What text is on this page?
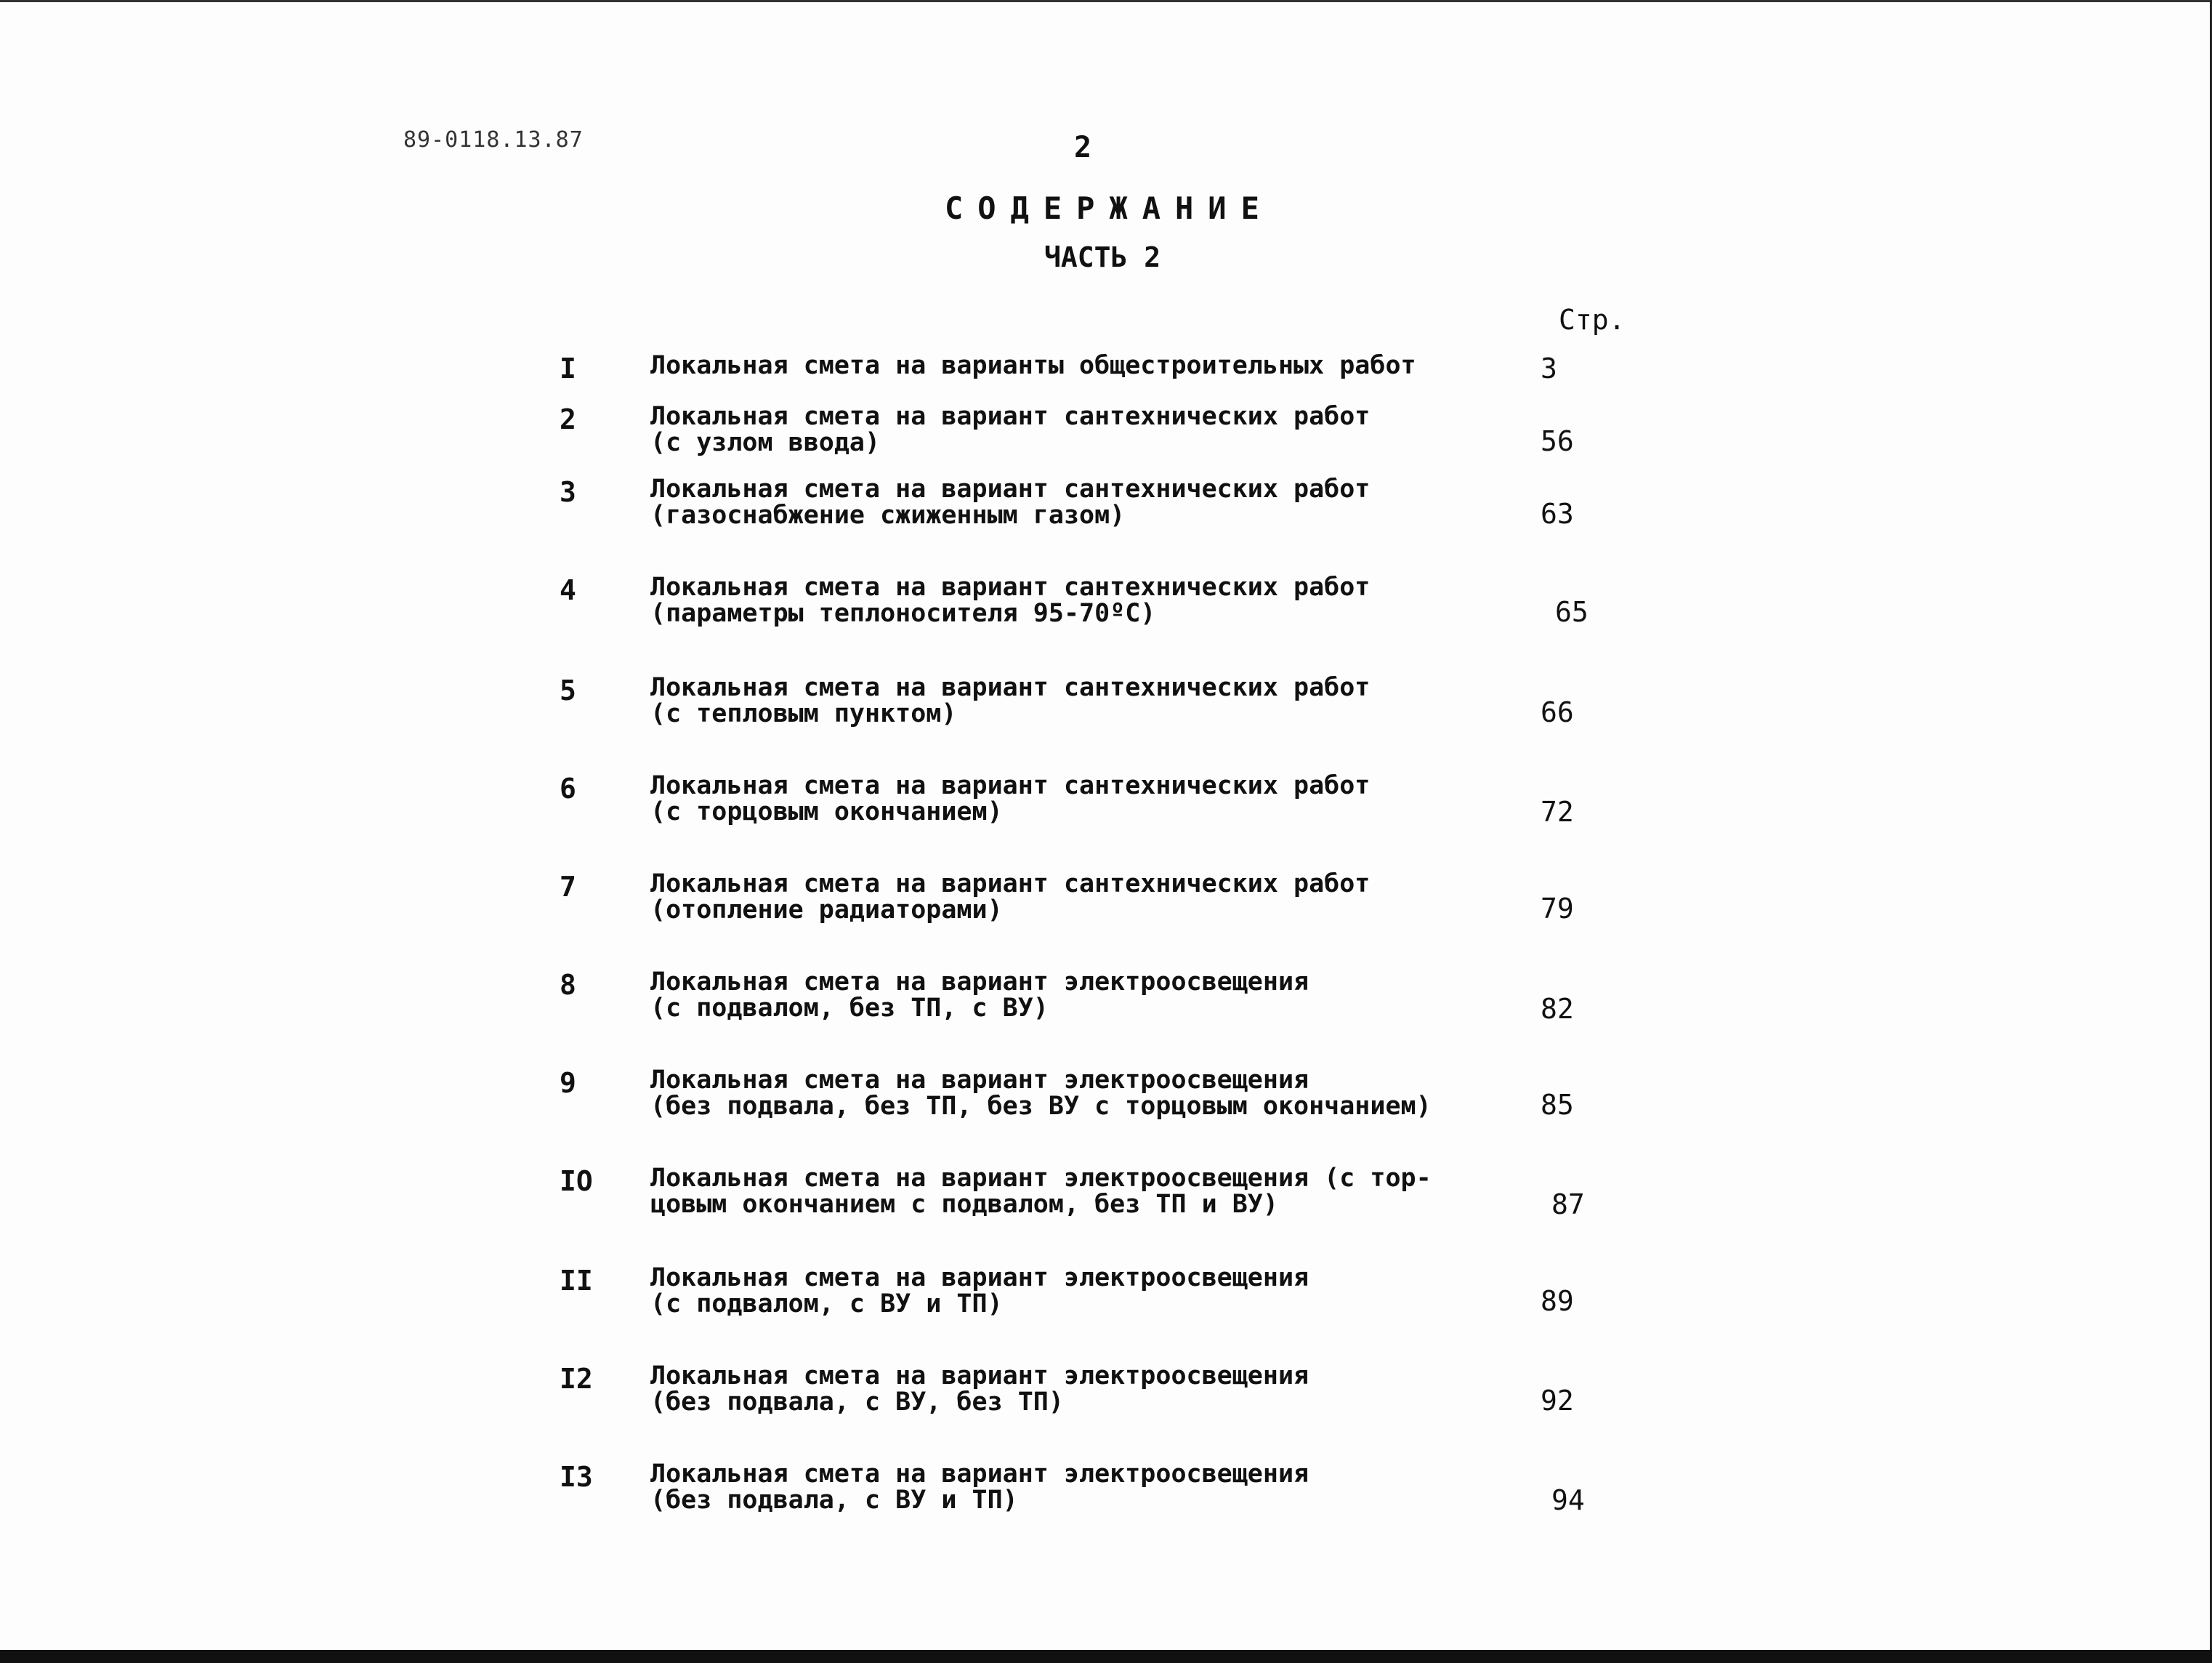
89-0118.13.87	2
СОДЕРЖАНИЕ
ЧАСТЬ 2
Стр.
I	Локальная смета на варианты общестроительных работ	3
2	Локальная смета на вариант сантехнических работ
(с узлом ввода)	56
3	Локальная смета на вариант сантехнических работ
(газоснабжение сжиженным газом)	63
4	Локальная смета на вариант сантехнических работ
(параметры теплоносителя 95-70ºС)	65
5	Локальная смета на вариант сантехнических работ
(с тепловым пунктом)	66
6	Локальная смета на вариант сантехнических работ
(с торцовым окончанием)	72
7	Локальная смета на вариант сантехнических работ
(отопление радиаторами)	79
8	Локальная смета на вариант электроосвещения
(с подвалом, без ТП, с ВУ)	82
9	Локальная смета на вариант электроосвещения
(без подвала, без ТП, без ВУ с торцовым окончанием)	85
IO Локальная смета на вариант электроосвещения (с тор-
цовым окончанием с подвалом, без ТП и ВУ)	87
II Локальная смета на вариант электроосвещения
(с подвалом, с ВУ и ТП)	89
I2 Локальная смета на вариант электроосвещения
(без подвала, с ВУ, без ТП)	92
I3 Локальная смета на вариант электроосвещения
(без подвала, с ВУ и ТП)	94
